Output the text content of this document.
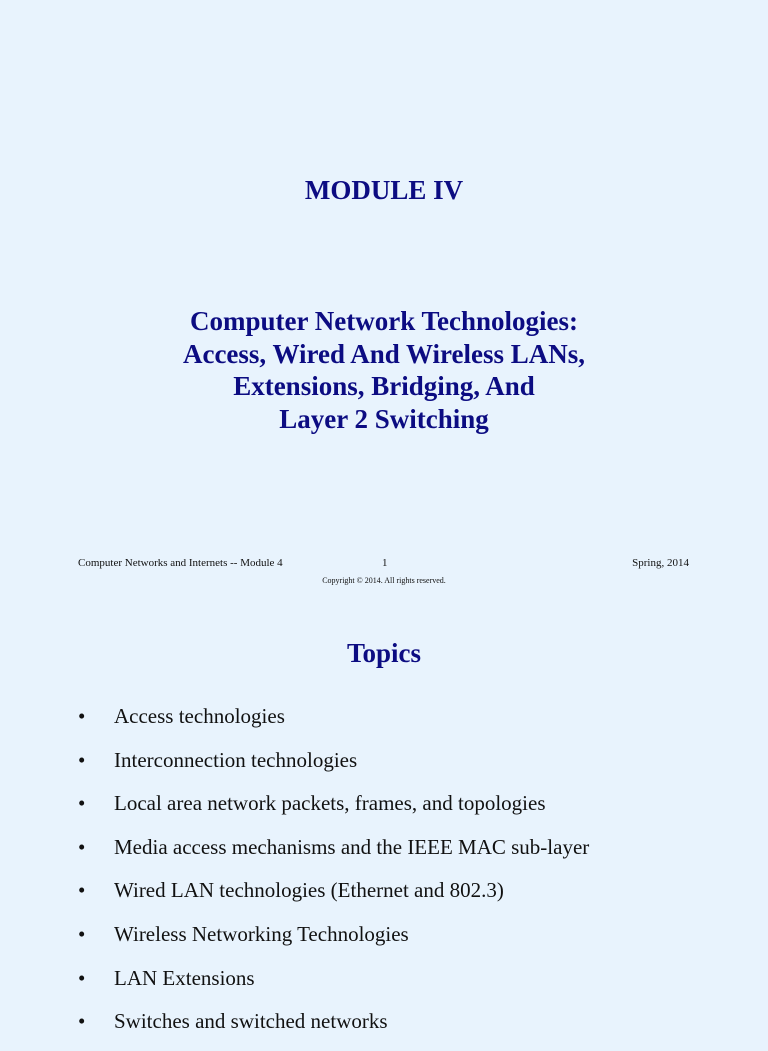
MODULE IV
Computer Network Technologies:
Access, Wired And Wireless LANs,
Extensions, Bridging, And
Layer 2 Switching
Computer Networks and Internets -- Module 4	1	Spring, 2014
Copyright © 2014. All rights reserved.
Topics
• Access technologies
• Interconnection technologies
• Local area network packets, frames, and topologies
• Media access mechanisms and the IEEE MAC sub-layer
• Wired LAN technologies (Ethernet and 802.3)
• Wireless Networking Technologies
• LAN Extensions
• Switches and switched networks
